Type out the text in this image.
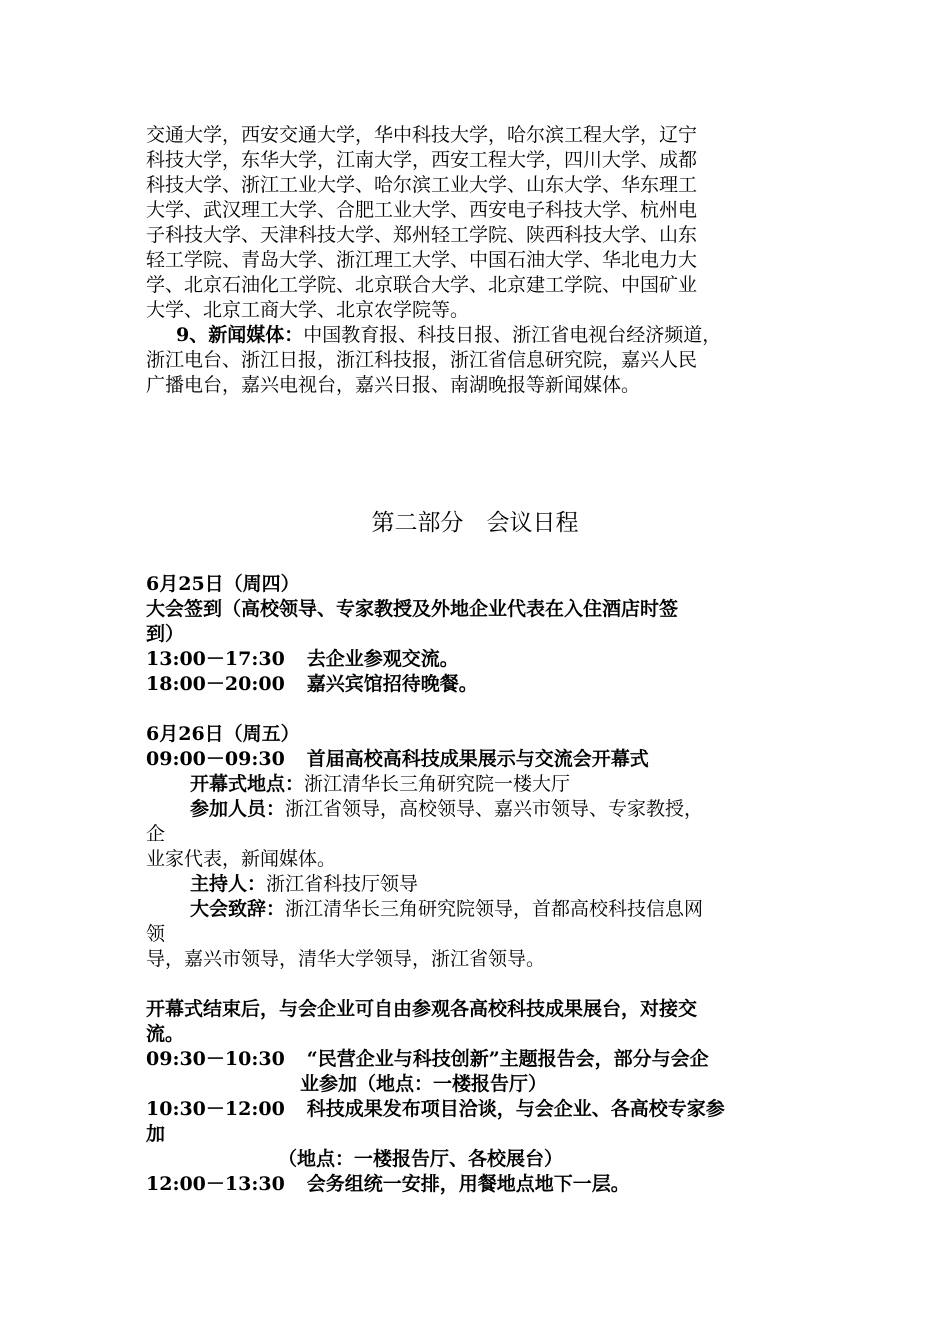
交通大学，西安交通大学，华中科技大学，哈尔滨工程大学，辽宁
科技大学，东华大学，江南大学，西安工程大学，四川大学、成都
科技大学、浙江工业大学、哈尔滨工业大学、山东大学、华东理工
大学、武汉理工大学、合肥工业大学、西安电子科技大学、杭州电
子科技大学、天津科技大学、郑州轻工学院、陕西科技大学、山东
轻工学院、青岛大学、浙江理工大学、中国石油大学、华北电力大
学、北京石油化工学院、北京联合大学、北京建工学院、中国矿业
大学、北京工商大学、北京农学院等。
9、新闻媒体：中国教育报、科技日报、浙江省电视台经济频道，
浙江电台、浙江日报，浙江科技报，浙江省信息研究院，嘉兴人民
广播电台，嘉兴电视台，嘉兴日报、南湖晚报等新闻媒体。
第二部分　会议日程
6月25日（周四）
大会签到（高校领导、专家教授及外地企业代表在入住酒店时签
到）
13:00－17:30 去企业参观交流。
18:00－20:00 嘉兴宾馆招待晚餐。
6月26日（周五）
09:00－09:30 首届高校高科技成果展示与交流会开幕式
开幕式地点：浙江清华长三角研究院一楼大厅
参加人员：浙江省领导，高校领导、嘉兴市领导、专家教授，
企
业家代表，新闻媒体。
主持人：浙江省科技厅领导
大会致辞：浙江清华长三角研究院领导，首都高校科技信息网
领
导，嘉兴市领导，清华大学领导，浙江省领导。
开幕式结束后，与会企业可自由参观各高校科技成果展台，对接交
流。
09:30－10:30 “民营企业与科技创新”主题报告会，部分与会企
业参加（地点：一楼报告厅）
10:30－12:00 科技成果发布项目洽谈，与会企业、各高校专家参
加
（地点：一楼报告厅、各校展台）
12:00－13:30 会务组统一安排，用餐地点地下一层。
